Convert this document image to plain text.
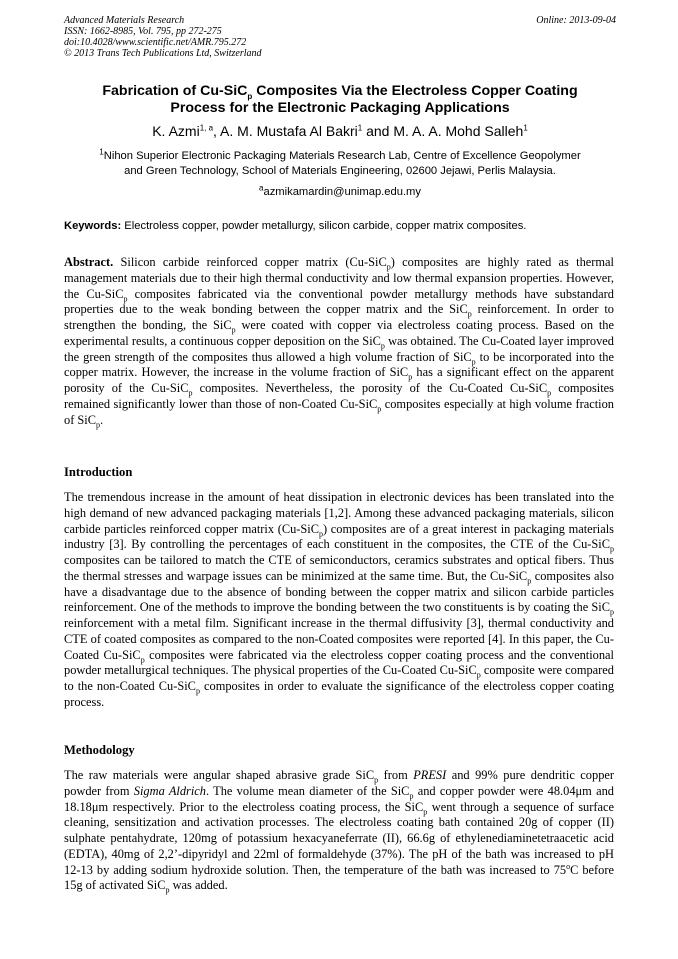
Advanced Materials Research
ISSN: 1662-8985, Vol. 795, pp 272-275
doi:10.4028/www.scientific.net/AMR.795.272
© 2013 Trans Tech Publications Ltd, Switzerland
Online: 2013-09-04
Fabrication of Cu-SiC$_p$ Composites Via the Electroless Copper Coating
Process for the Electronic Packaging Applications
K. Azmi$^{1, a}$, A. M. Mustafa Al Bakri$^1$ and M. A. A. Mohd Salleh$^1$
$^1$Nihon Superior Electronic Packaging Materials Research Lab, Centre of Excellence Geopolymer
and Green Technology, School of Materials Engineering, 02600 Jejawi, Perlis Malaysia.
$^a$azmikamardin@unimap.edu.my
Keywords: Electroless copper, powder metallurgy, silicon carbide, copper matrix composites.

Abstract. Silicon carbide reinforced copper matrix (Cu-SiC$_p$) composites are highly rated as thermal management materials due to their high thermal conductivity and low thermal expansion properties. However, the Cu-SiC$_p$ composites fabricated via the conventional powder metallurgy methods have substandard properties due to the weak bonding between the copper matrix and the SiC$_p$ reinforcement. In order to strengthen the bonding, the SiC$_p$ were coated with copper via electroless coating process. Based on the experimental results, a continuous copper deposition on the SiC$_p$ was obtained. The Cu-Coated layer improved the green strength of the composites thus allowed a high volume fraction of SiC$_p$ to be incorporated into the copper matrix. However, the increase in the volume fraction of SiC$_p$ has a significant effect on the apparent porosity of the Cu-SiC$_p$ composites. Nevertheless, the porosity of the Cu-Coated Cu-SiC$_p$ composites remained significantly lower than those of non-Coated Cu-SiC$_p$ composites especially at high volume fraction of SiC$_p$.

Introduction

The tremendous increase in the amount of heat dissipation in electronic devices has been translated into the high demand of new advanced packaging materials [1,2]. Among these advanced packaging materials, silicon carbide particles reinforced copper matrix (Cu-SiC$_p$) composites are of a great interest in packaging materials industry [3]. By controlling the percentages of each constituent in the composites, the CTE of the Cu-SiC$_p$ composites can be tailored to match the CTE of semiconductors, ceramics substrates and optical fibers. Thus the thermal stresses and warpage issues can be minimized at the same time. But, the Cu-SiC$_p$ composites also have a disadvantage due to the absence of bonding between the copper matrix and silicon carbide particles reinforcement. One of the methods to improve the bonding between the two constituents is by coating the SiC$_p$ reinforcement with a metal film. Significant increase in the thermal diffusivity [3], thermal conductivity and CTE of coated composites as compared to the non-Coated composites were reported [4]. In this paper, the Cu-Coated Cu-SiC$_p$ composites were fabricated via the electroless copper coating process and the conventional powder metallurgical techniques. The physical properties of the Cu-Coated Cu-SiC$_p$ composite were compared to the non-Coated Cu-SiC$_p$ composites in order to evaluate the significance of the electroless copper coating process.

Methodology

The raw materials were angular shaped abrasive grade SiC$_p$ from PRESI and 99% pure dendritic copper powder from Sigma Aldrich. The volume mean diameter of the SiC$_p$ and copper powder were 48.04μm and 18.18μm respectively. Prior to the electroless coating process, the SiC$_p$ went through a sequence of surface cleaning, sensitization and activation processes. The electroless coating bath contained 20g of copper (II) sulphate pentahydrate, 120mg of potassium hexacyaneferrate (II), 66.6g of ethylenediaminetetraacetic acid (EDTA), 40mg of 2,2’-dipyridyl and 22ml of formaldehyde (37%). The pH of the bath was increased to pH 12-13 by adding sodium hydroxide solution. Then, the temperature of the bath was increased to 75$^o$C before 15g of activated SiC$_p$ was added.
